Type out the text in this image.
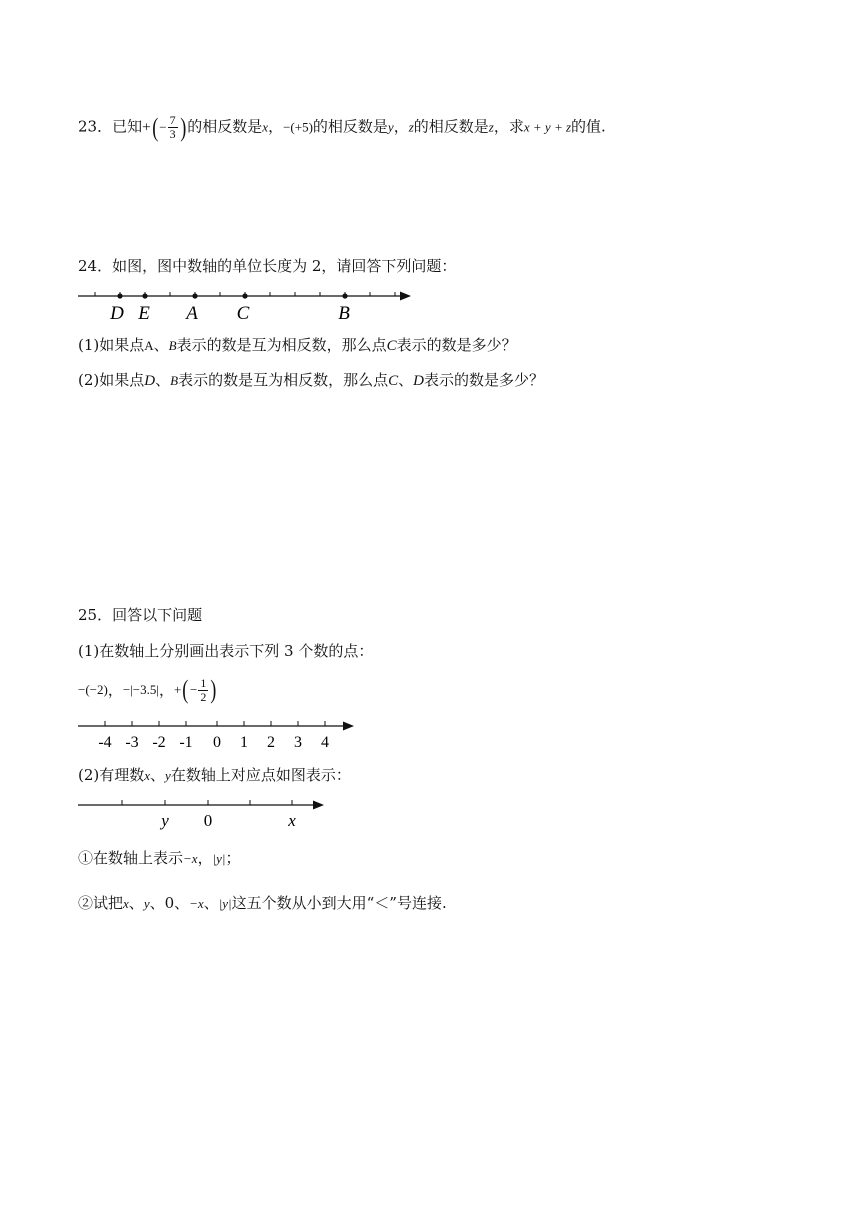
23．已知+(− $\frac{7}{3}$ )的相反数是x，−(+5)的相反数是y，z的相反数是z，求x + y + z的值.
24．如图，图中数轴的单位长度为 2，请回答下列问题：
D E A C	B
(1)如果点A、B表示的数是互为相反数，那么点C表示的数是多少？
(2)如果点D、B表示的数是互为相反数，那么点C、D表示的数是多少？
25．回答以下问题
(1)在数轴上分别画出表示下列 3 个数的点：
−(−2) ， −|−3.5| ， + ( − $\frac{1}{2}$ )
-4 -3 -2 -1 0 1 2 3 4
(2)有理数x、y在数轴上对应点如图表示：
y 0	x
①在数轴上表示−x，|y|；
②试把x、y、0、−x、|y|这五个数从小到大用“＜”号连接.
